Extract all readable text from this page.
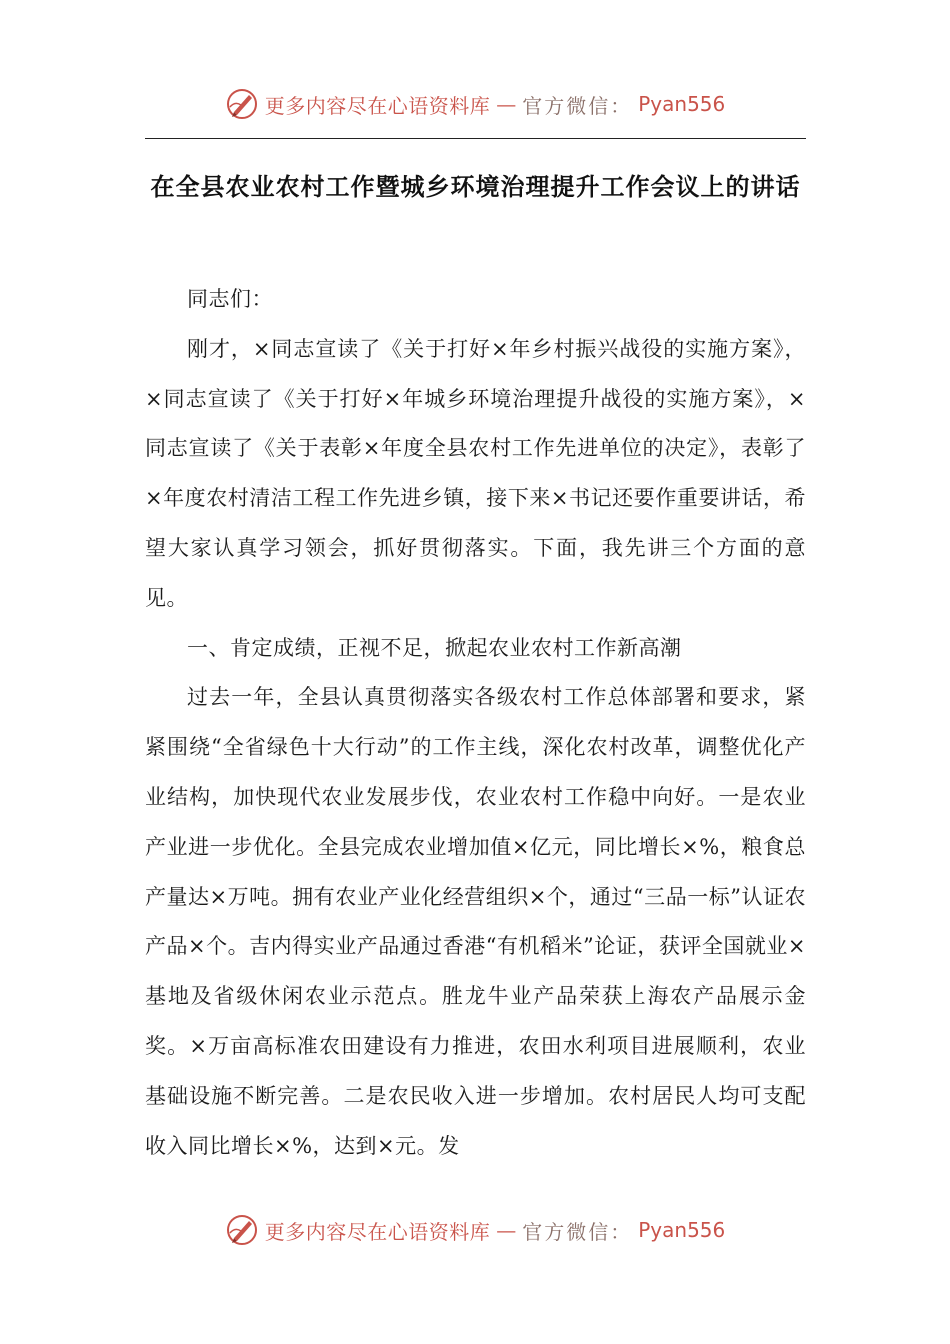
更多内容尽在心语资料库 — 官方微信： Pyan556
在全县农业农村工作暨城乡环境治理提升工作会议上的讲话

同志们：

刚才，×同志宣读了《关于打好×年乡村振兴战役的实施方案》，×同志宣读了《关于打好×年城乡环境治理提升战役的实施方案》，×同志宣读了《关于表彰×年度全县农村工作先进单位的决定》，表彰了×年度农村清洁工程工作先进乡镇，接下来×书记还要作重要讲话，希望大家认真学习领会，抓好贯彻落实。下面，我先讲三个方面的意见。

一、肯定成绩，正视不足，掀起农业农村工作新高潮

过去一年，全县认真贯彻落实各级农村工作总体部署和要求，紧紧围绕“全省绿色十大行动”的工作主线，深化农村改革，调整优化产业结构，加快现代农业发展步伐，农业农村工作稳中向好。一是农业产业进一步优化。全县完成农业增加值×亿元，同比增长×%，粮食总产量达×万吨。拥有农业产业化经营组织×个，通过“三品一标”认证农产品×个。吉内得实业产品通过香港“有机稻米”论证，获评全国就业×基地及省级休闲农业示范点。胜龙牛业产品荣获上海农产品展示金奖。×万亩高标准农田建设有力推进，农田水利项目进展顺利，农业基础设施不断完善。二是农民收入进一步增加。农村居民人均可支配收入同比增长×%，达到×元。发

更多内容尽在心语资料库 — 官方微信： Pyan556
